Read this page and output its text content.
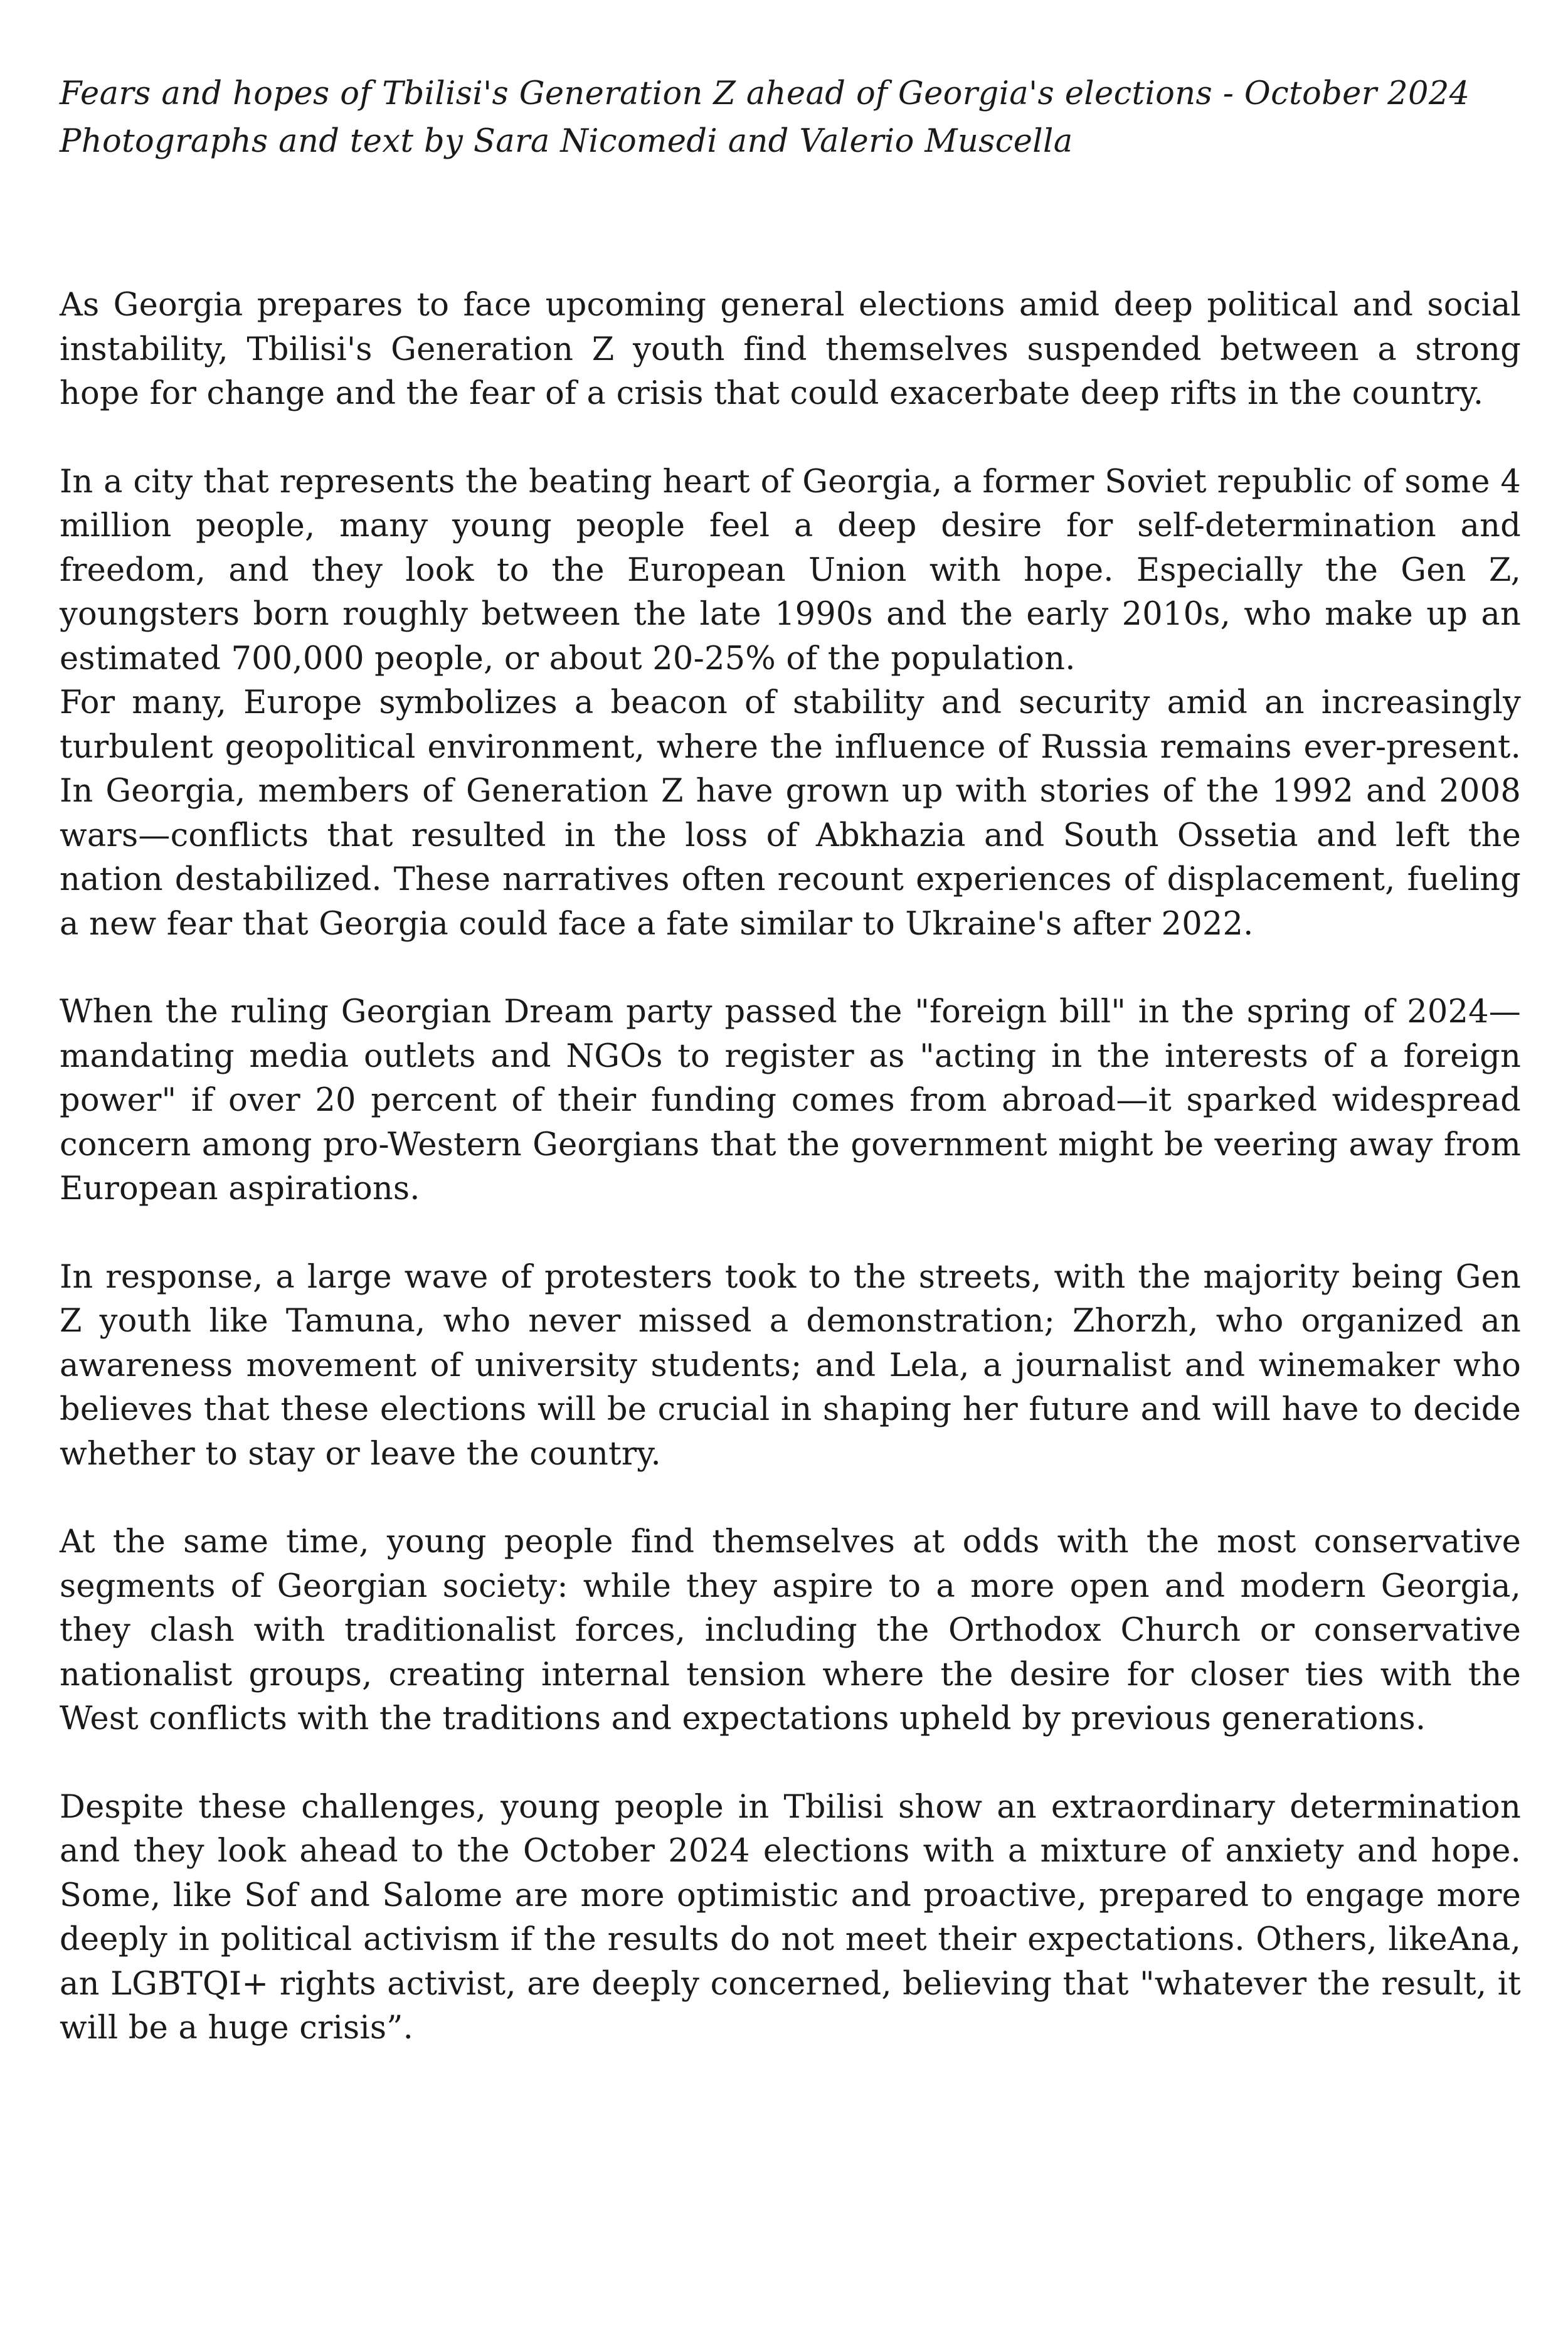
Fears and hopes of Tbilisi's Generation Z ahead of Georgia's elections - October 2024

Photographs and text by Sara Nicomedi and Valerio Muscella

As Georgia prepares to face upcoming general elections amid deep political and social instability, Tbilisi's Generation Z youth find themselves suspended between a strong hope for change and the fear of a crisis that could exacerbate deep rifts in the country.

In a city that represents the beating heart of Georgia, a former Soviet republic of some 4 million people, many young people feel a deep desire for self-determination and freedom, and they look to the European Union with hope. Especially the Gen Z, youngsters born roughly between the late 1990s and the early 2010s, who make up an estimated 700,000 people, or about 20-25% of the population.

For many, Europe symbolizes a beacon of stability and security amid an increasingly turbulent geopolitical environment, where the influence of Russia remains ever-present. In Georgia, members of Generation Z have grown up with stories of the 1992 and 2008 wars—conflicts that resulted in the loss of Abkhazia and South Ossetia and left the nation destabilized. These narratives often recount experiences of displacement, fueling a new fear that Georgia could face a fate similar to Ukraine's after 2022.

When the ruling Georgian Dream party passed the "foreign bill" in the spring of 2024—mandating media outlets and NGOs to register as "acting in the interests of a foreign power" if over 20 percent of their funding comes from abroad—it sparked widespread concern among pro-Western Georgians that the government might be veering away from European aspirations.

In response, a large wave of protesters took to the streets, with the majority being Gen Z youth like Tamuna, who never missed a demonstration; Zhorzh, who organized an awareness movement of university students; and Lela, a journalist and winemaker who believes that these elections will be crucial in shaping her future and will have to decide whether to stay or leave the country.

At the same time, young people find themselves at odds with the most conservative segments of Georgian society: while they aspire to a more open and modern Georgia, they clash with traditionalist forces, including the Orthodox Church or conservative nationalist groups, creating internal tension where the desire for closer ties with the West conflicts with the traditions and expectations upheld by previous generations.

Despite these challenges, young people in Tbilisi show an extraordinary determination and they look ahead to the October 2024 elections with a mixture of anxiety and hope. Some, like Sof and Salome are more optimistic and proactive, prepared to engage more deeply in political activism if the results do not meet their expectations. Others, likeAna, an LGBTQI+ rights activist, are deeply concerned, believing that "whatever the result, it will be a huge crisis”.
